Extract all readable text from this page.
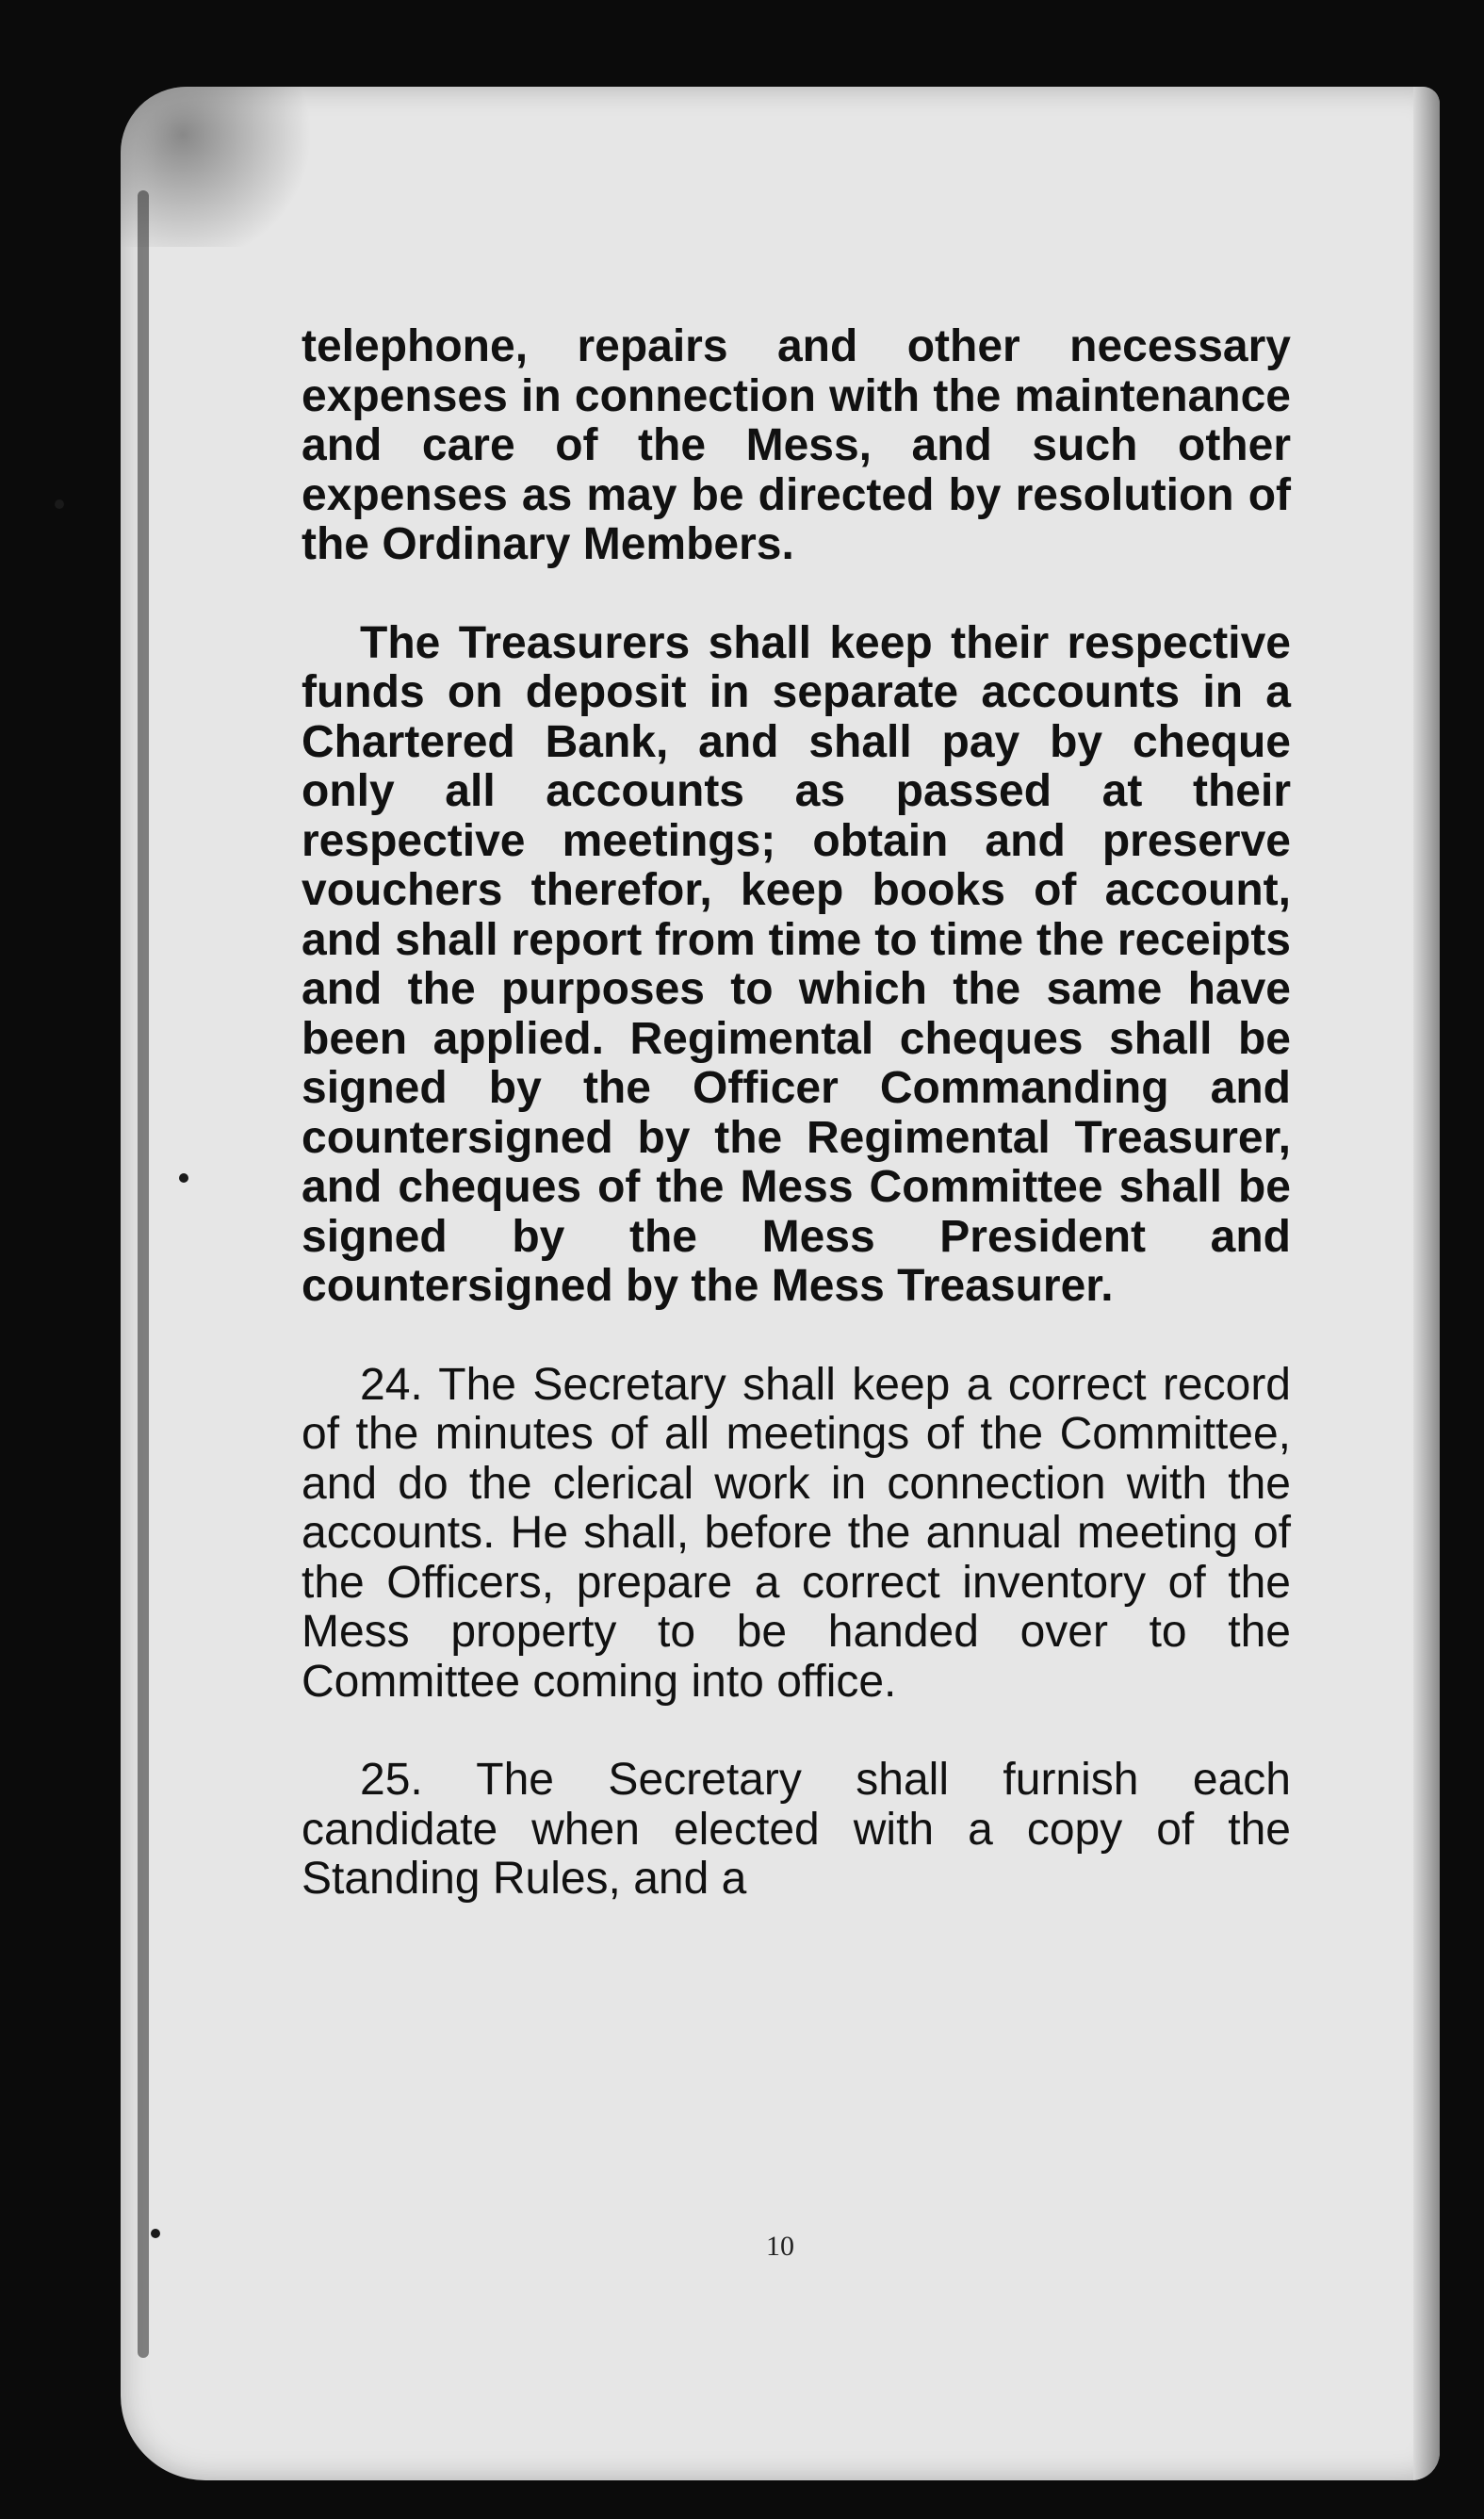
telephone, repairs and other necessary expenses in connection with the maintenance and care of the Mess, and such other expenses as may be directed by resolution of the Ordinary Members.

The Treasurers shall keep their respective funds on deposit in separate accounts in a Chartered Bank, and shall pay by cheque only all accounts as passed at their respective meetings; obtain and preserve vouchers therefor, keep books of account, and shall report from time to time the receipts and the purposes to which the same have been applied. Regimental cheques shall be signed by the Officer Commanding and countersigned by the Regimental Treasurer, and cheques of the Mess Committee shall be signed by the Mess President and countersigned by the Mess Treasurer.

24. The Secretary shall keep a correct record of the minutes of all meetings of the Committee, and do the clerical work in connection with the accounts. He shall, before the annual meeting of the Officers, prepare a correct inventory of the Mess property to be handed over to the Committee coming into office.

25. The Secretary shall furnish each candidate when elected with a copy of the Standing Rules, and a

10
